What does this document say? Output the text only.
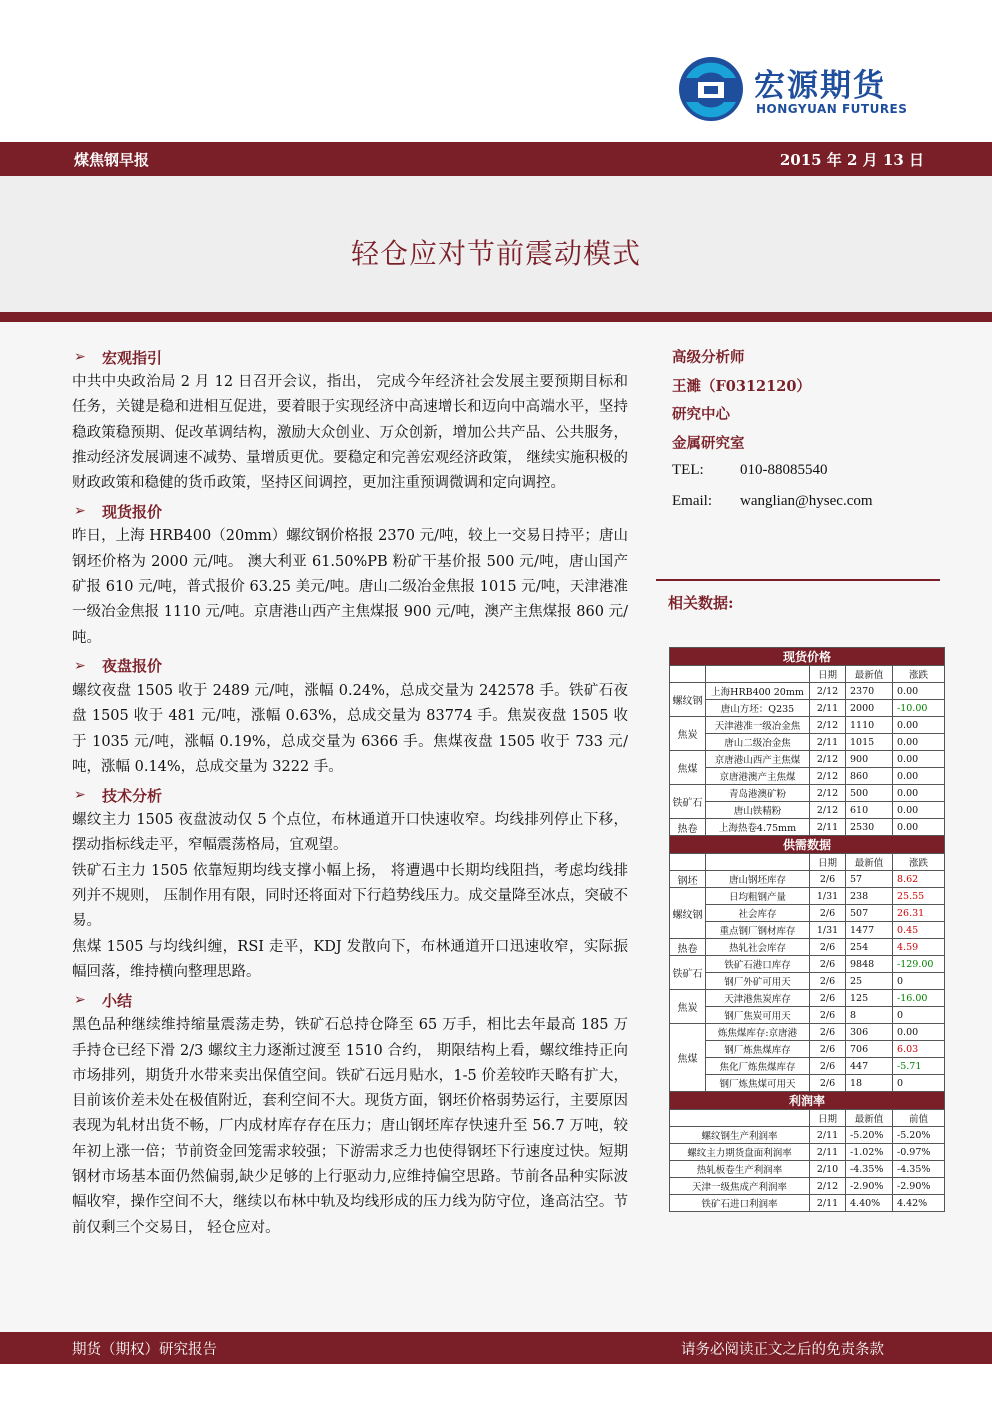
宏源期货
HONGYUAN FUTURES
煤焦钢早报	2015 年 2 月 13 日
轻仓应对节前震动模式
➢	宏观指引

中共中央政治局 2 月 12 日召开会议，指出， 完成今年经济社会发展主要预期目标和任务，关键是稳和进相互促进，要着眼于实现经济中高速增长和迈向中高端水平，坚持稳政策稳预期、促改革调结构，激励大众创业、万众创新，增加公共产品、公共服务，推动经济发展调速不减势、量增质更优。要稳定和完善宏观经济政策， 继续实施积极的财政政策和稳健的货币政策，坚持区间调控，更加注重预调微调和定向调控。

➢	现货报价

昨日，上海 HRB400（20mm）螺纹钢价格报 2370 元/吨，较上一交易日持平；唐山钢坯价格为 2000 元/吨。 澳大利亚 61.50%PB 粉矿干基价报 500 元/吨，唐山国产矿报 610 元/吨，普式报价 63.25 美元/吨。唐山二级冶金焦报 1015 元/吨，天津港准一级冶金焦报 1110 元/吨。京唐港山西产主焦煤报 900 元/吨，澳产主焦煤报 860 元/吨。

➢	夜盘报价

螺纹夜盘 1505 收于 2489 元/吨，涨幅 0.24%，总成交量为 242578 手。铁矿石夜盘 1505 收于 481 元/吨，涨幅 0.63%，总成交量为 83774 手。焦炭夜盘 1505 收于 1035 元/吨，涨幅 0.19%，总成交量为 6366 手。焦煤夜盘 1505 收于 733 元/吨，涨幅 0.14%，总成交量为 3222 手。

➢	技术分析

螺纹主力 1505 夜盘波动仅 5 个点位，布林通道开口快速收窄。均线排列停止下移，摆动指标线走平，窄幅震荡格局，宜观望。

铁矿石主力 1505 依靠短期均线支撑小幅上扬， 将遭遇中长期均线阻挡，考虑均线排列并不规则， 压制作用有限，同时还将面对下行趋势线压力。成交量降至冰点，突破不易。

焦煤 1505 与均线纠缠，RSI 走平，KDJ 发散向下，布林通道开口迅速收窄，实际振幅回落，维持横向整理思路。

➢	小结

黑色品种继续维持缩量震荡走势，铁矿石总持仓降至 65 万手，相比去年最高 185 万手持仓已经下滑 2/3 螺纹主力逐渐过渡至 1510 合约， 期限结构上看，螺纹维持正向市场排列，期货升水带来卖出保值空间。铁矿石远月贴水，1-5 价差较昨天略有扩大，目前该价差未处在极值附近，套利空间不大。现货方面，钢坯价格弱势运行，主要原因表现为轧材出货不畅，厂内成材库存存在压力；唐山钢坯库存快速升至 56.7 万吨，较年初上涨一倍；节前资金回笼需求较强；下游需求乏力也使得钢坯下行速度过快。短期钢材市场基本面仍然偏弱,缺少足够的上行驱动力,应维持偏空思路。节前各品种实际波幅收窄，操作空间不大，继续以布林中轨及均线形成的压力线为防守位，逢高沽空。节前仅剩三个交易日， 轻仓应对。

高级分析师
王濉（F0312120）
研究中心
金属研究室
TEL:	010-88085540
Email:	wanglian@hysec.com
相关数据:
现货价格				
		日期	最新值	涨跌
螺纹钢	上海HRB400 20mm	2/12	2370	0.00
	唐山方坯：Q235	2/11	2000	-10.00
焦炭	天津港准一级冶金焦	2/12	1110	0.00
	唐山二级冶金焦	2/11	1015	0.00
焦煤	京唐港山西产主焦煤	2/12	900	0.00
	京唐港澳产主焦煤	2/12	860	0.00
铁矿石	青岛港澳矿粉	2/12	500	0.00
	唐山铁精粉	2/12	610	0.00
热卷	上海热卷4.75mm	2/11	2530	0.00
供需数据				
		日期	最新值	涨跌
钢坯	唐山钢坯库存	2/6	57	8.62
螺纹钢	日均粗钢产量	1/31	238	25.55
	社会库存	2/6	507	26.31
	重点钢厂钢材库存	1/31	1477	0.45
热卷	热轧社会库存	2/6	254	4.59
铁矿石	铁矿石港口库存	2/6	9848	-129.00
	钢厂外矿可用天	2/6	25	0
焦炭	天津港焦炭库存	2/6	125	-16.00
	钢厂焦炭可用天	2/6	8	0
焦煤	炼焦煤库存:京唐港	2/6	306	0.00
	钢厂炼焦煤库存	2/6	706	6.03
	焦化厂炼焦煤库存	2/6	447	-5.71
	钢厂炼焦煤可用天	2/6	18	0
利润率				
		日期	最新值	前值
螺纹钢生产利润率		2/11	-5.20%	-5.20%
螺纹主力期货盘面利润率		2/11	-1.02%	-0.97%
热轧板卷生产利润率		2/10	-4.35%	-4.35%
天津一级焦成产利润率		2/12	-2.90%	-2.90%
铁矿石进口利润率		2/11	4.40%	4.42%
期货（期权）研究报告	请务必阅读正文之后的免责条款
